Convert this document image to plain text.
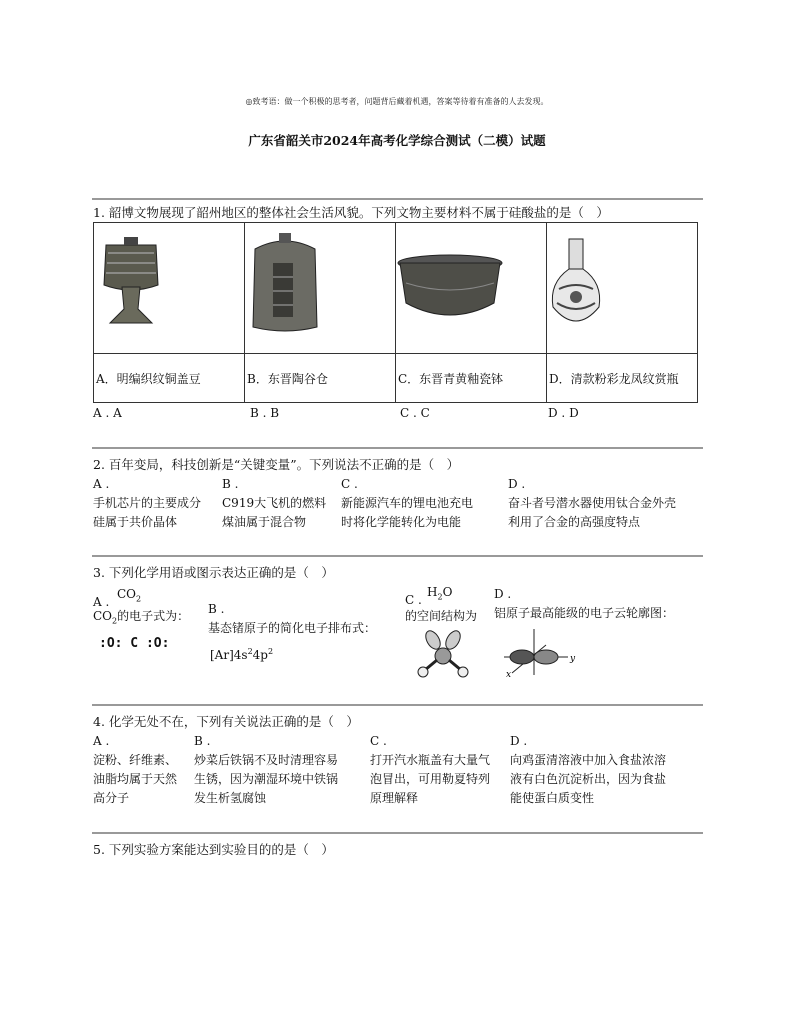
◎致考语：做一个积极的思考者，问题背后藏着机遇，答案等待着有准备的人去发现。
广东省韶关市2024年高考化学综合测试（二模）试题
1. 韶博文物展现了韶州地区的整体社会生活风貌。下列文物主要材料不属于硅酸盐的是（　）

A．明编织纹铜盖豆	B．东晋陶谷仓	C．东晋青黄釉瓷钵	D．清款粉彩龙凤纹赏瓶
A . A	B . B	C . C	D . D
2. 百年变局，科技创新是“关键变量”。下列说法不正确的是（　）
A .
手机芯片的主要成分
硅属于共价晶体
B .
C919大飞机的燃料
煤油属于混合物
C .
新能源汽车的锂电池充电
时将化学能转化为电能
D .
奋斗者号潜水器使用钛合金外壳
利用了合金的高强度特点
3. 下列化学用语或图示表达正确的是（　）
A .
$CO_2$
$CO_2$的电子式为：
:O: C :O:
B .
基态锗原子的简化电子排布式：
$[Ar]4s^24p^2$
C .
$H_2O$
的空间结构为
D .
铝原子最高能级的电子云轮廓图：
y
x
4. 化学无处不在，下列有关说法正确的是（　）
A .
淀粉、纤维素、
油脂均属于天然
高分子
B .
炒菜后铁锅不及时清理容易
生锈，因为潮湿环境中铁锅
发生析氢腐蚀
C .
打开汽水瓶盖有大量气
泡冒出，可用勒夏特列
原理解释
D .
向鸡蛋清溶液中加入食盐浓溶
液有白色沉淀析出，因为食盐
能使蛋白质变性
5. 下列实验方案能达到实验目的的是（　）
